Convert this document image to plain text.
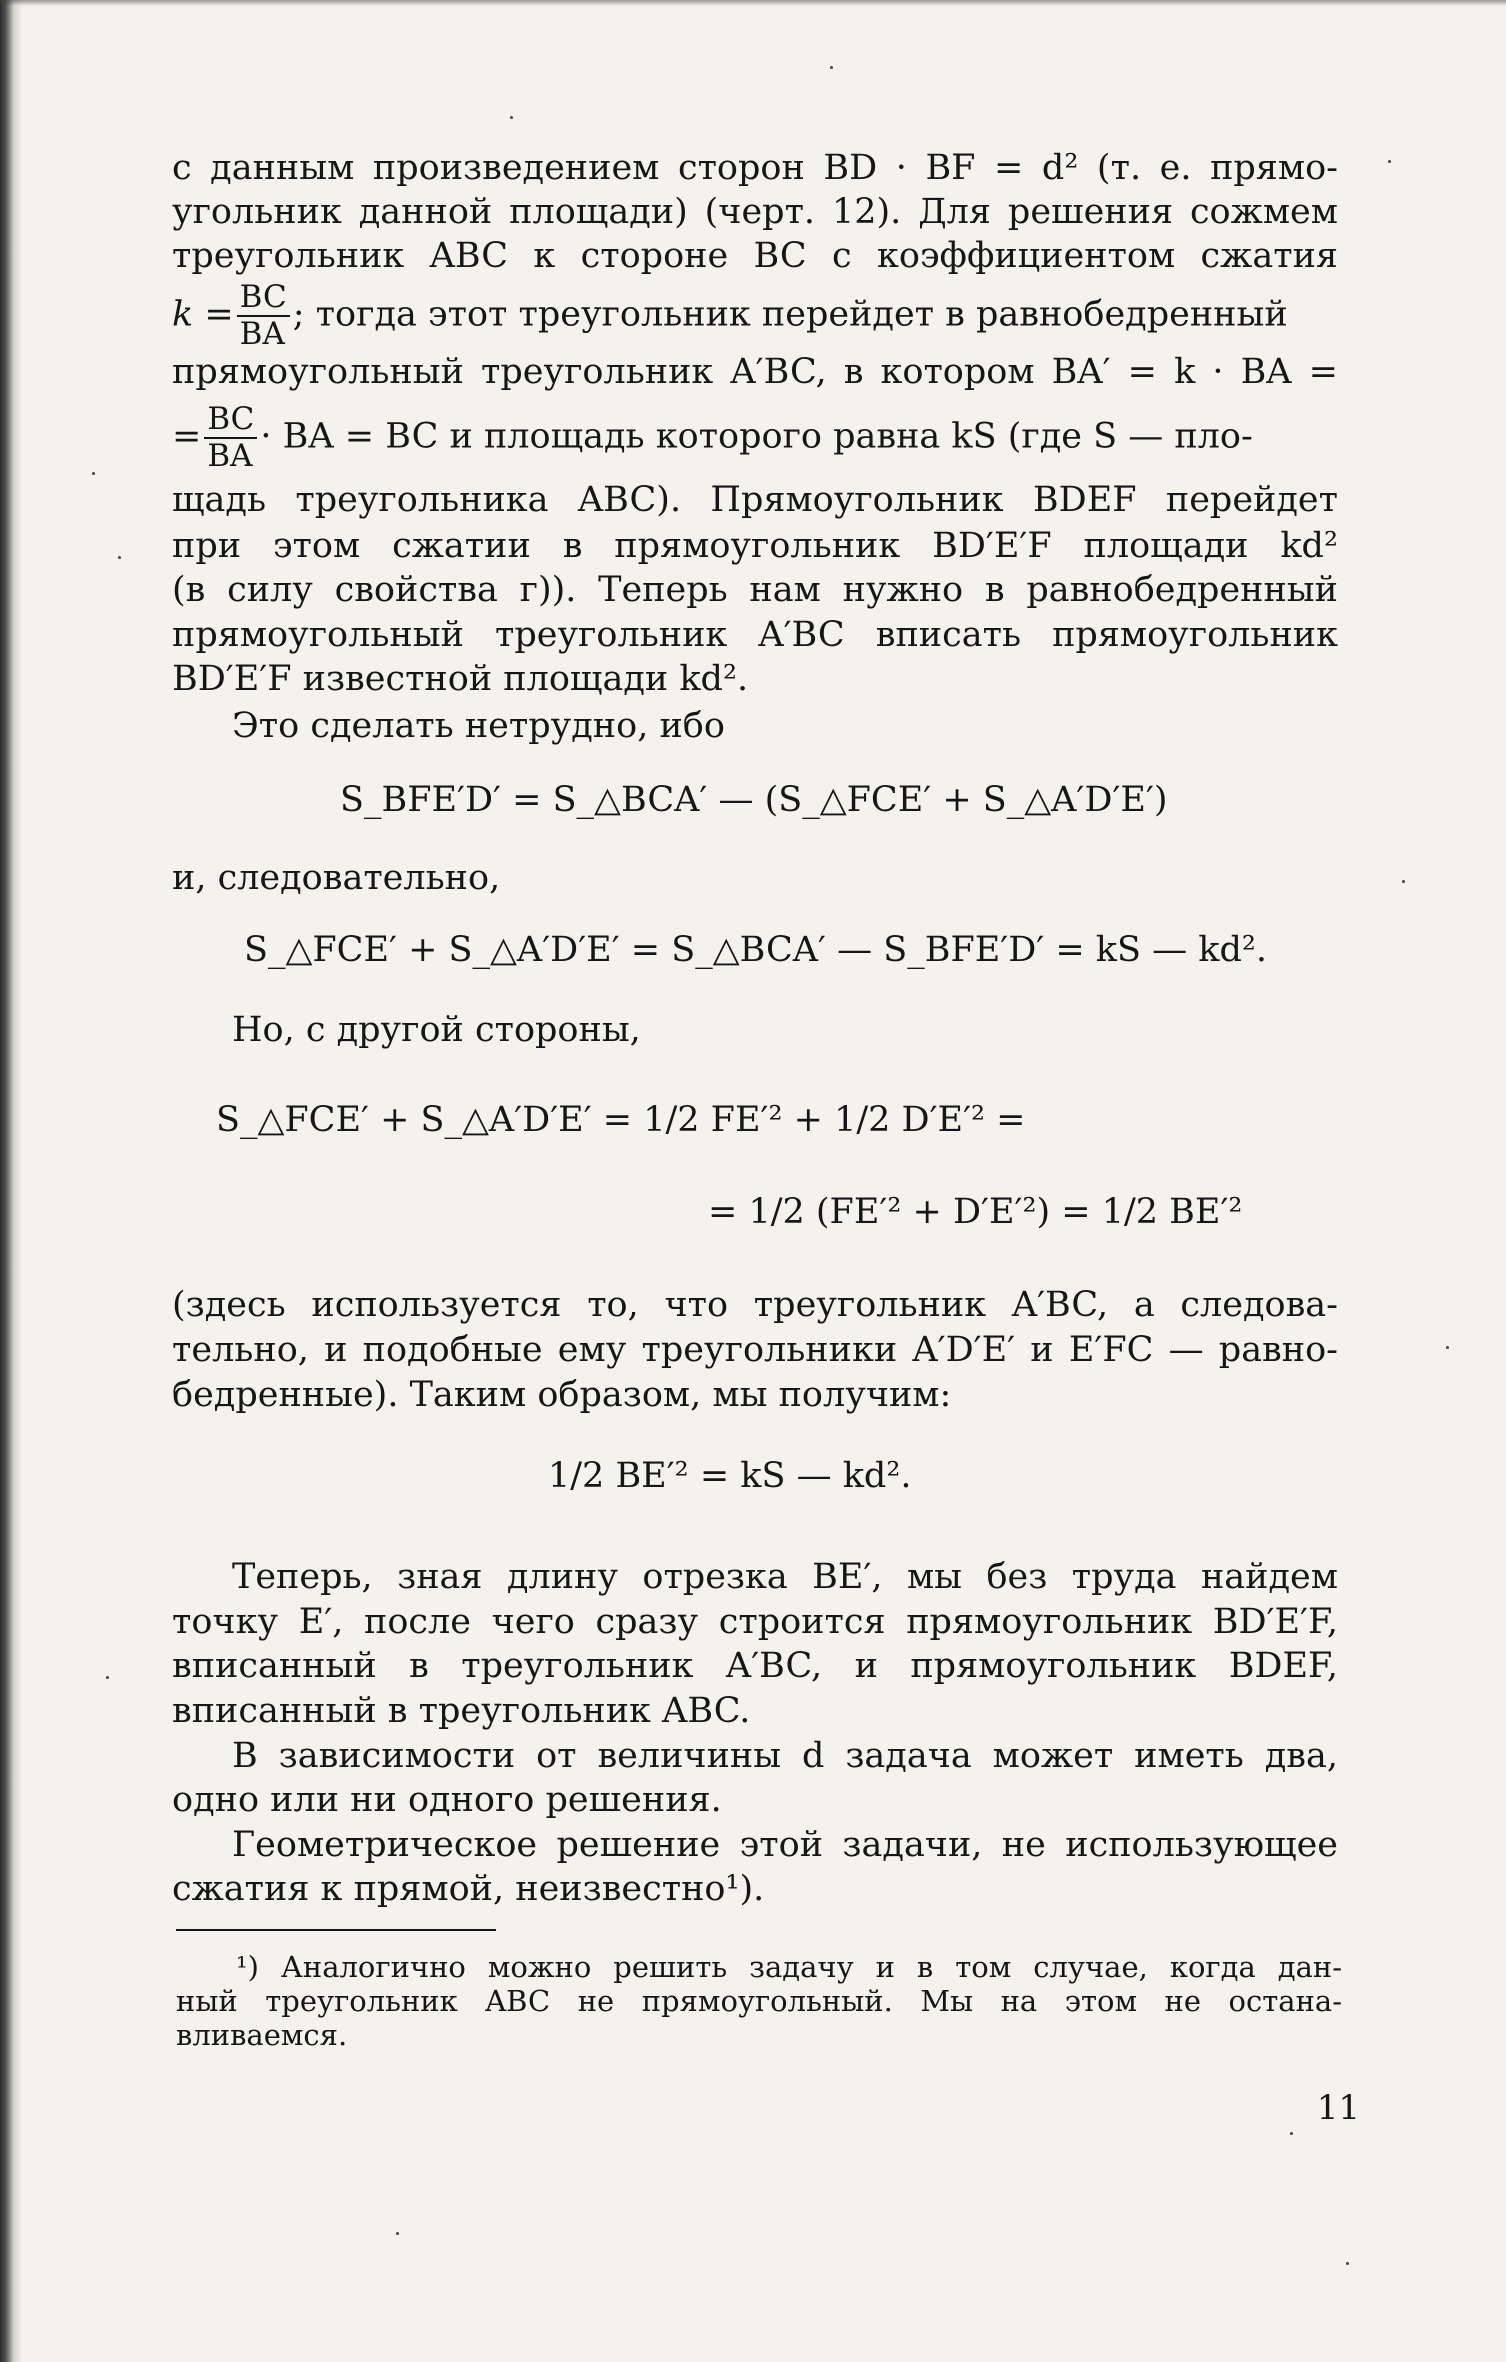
с данным произведением сторон BD · BF = d² (т. е. прямо-
угольник данной площади) (черт. 12). Для решения сожмем
треугольник ABC к стороне BC с коэффициентом сжатия
$k = \frac{BC}{BA}$ ; тогда этот треугольник перейдет в равнобедренный
прямоугольный треугольник A′BC, в котором BA′ = k · BA =
= $\frac{BC}{BA}$ · BA = BC и площадь которого равна kS (где S — пло-
щадь треугольника ABC). Прямоугольник BDEF перейдет
при этом сжатии в прямоугольник BD′E′F площади kd²
(в силу свойства г)). Теперь нам нужно в равнобедренный
прямоугольный треугольник A′BC вписать прямоугольник
BD′E′F известной площади kd².
Это сделать нетрудно, ибо
S_BFE′D′ = S_△BCA′ — (S_△FCE′ + S_△A′D′E′)
и, следовательно,
S_△FCE′ + S_△A′D′E′ = S_△BCA′ — S_BFE′D′ = kS — kd².
Но, с другой стороны,
S_△FCE′ + S_△A′D′E′ = 1/2 FE′² + 1/2 D′E′² =
= 1/2 (FE′² + D′E′²) = 1/2 BE′²
(здесь используется то, что треугольник A′BC, а следова-
тельно, и подобные ему треугольники A′D′E′ и E′FC — равно-
бедренные). Таким образом, мы получим:
1/2 BE′² = kS — kd².
Теперь, зная длину отрезка BE′, мы без труда найдем
точку E′, после чего сразу строится прямоугольник BD′E′F,
вписанный в треугольник A′BC, и прямоугольник BDEF,
вписанный в треугольник ABC.
В зависимости от величины d задача может иметь два,
одно или ни одного решения.
Геометрическое решение этой задачи, не использующее
сжатия к прямой, неизвестно¹).
¹) Аналогично можно решить задачу и в том случае, когда дан-
ный треугольник ABC не прямоугольный. Мы на этом не остана-
вливаемся.
11
